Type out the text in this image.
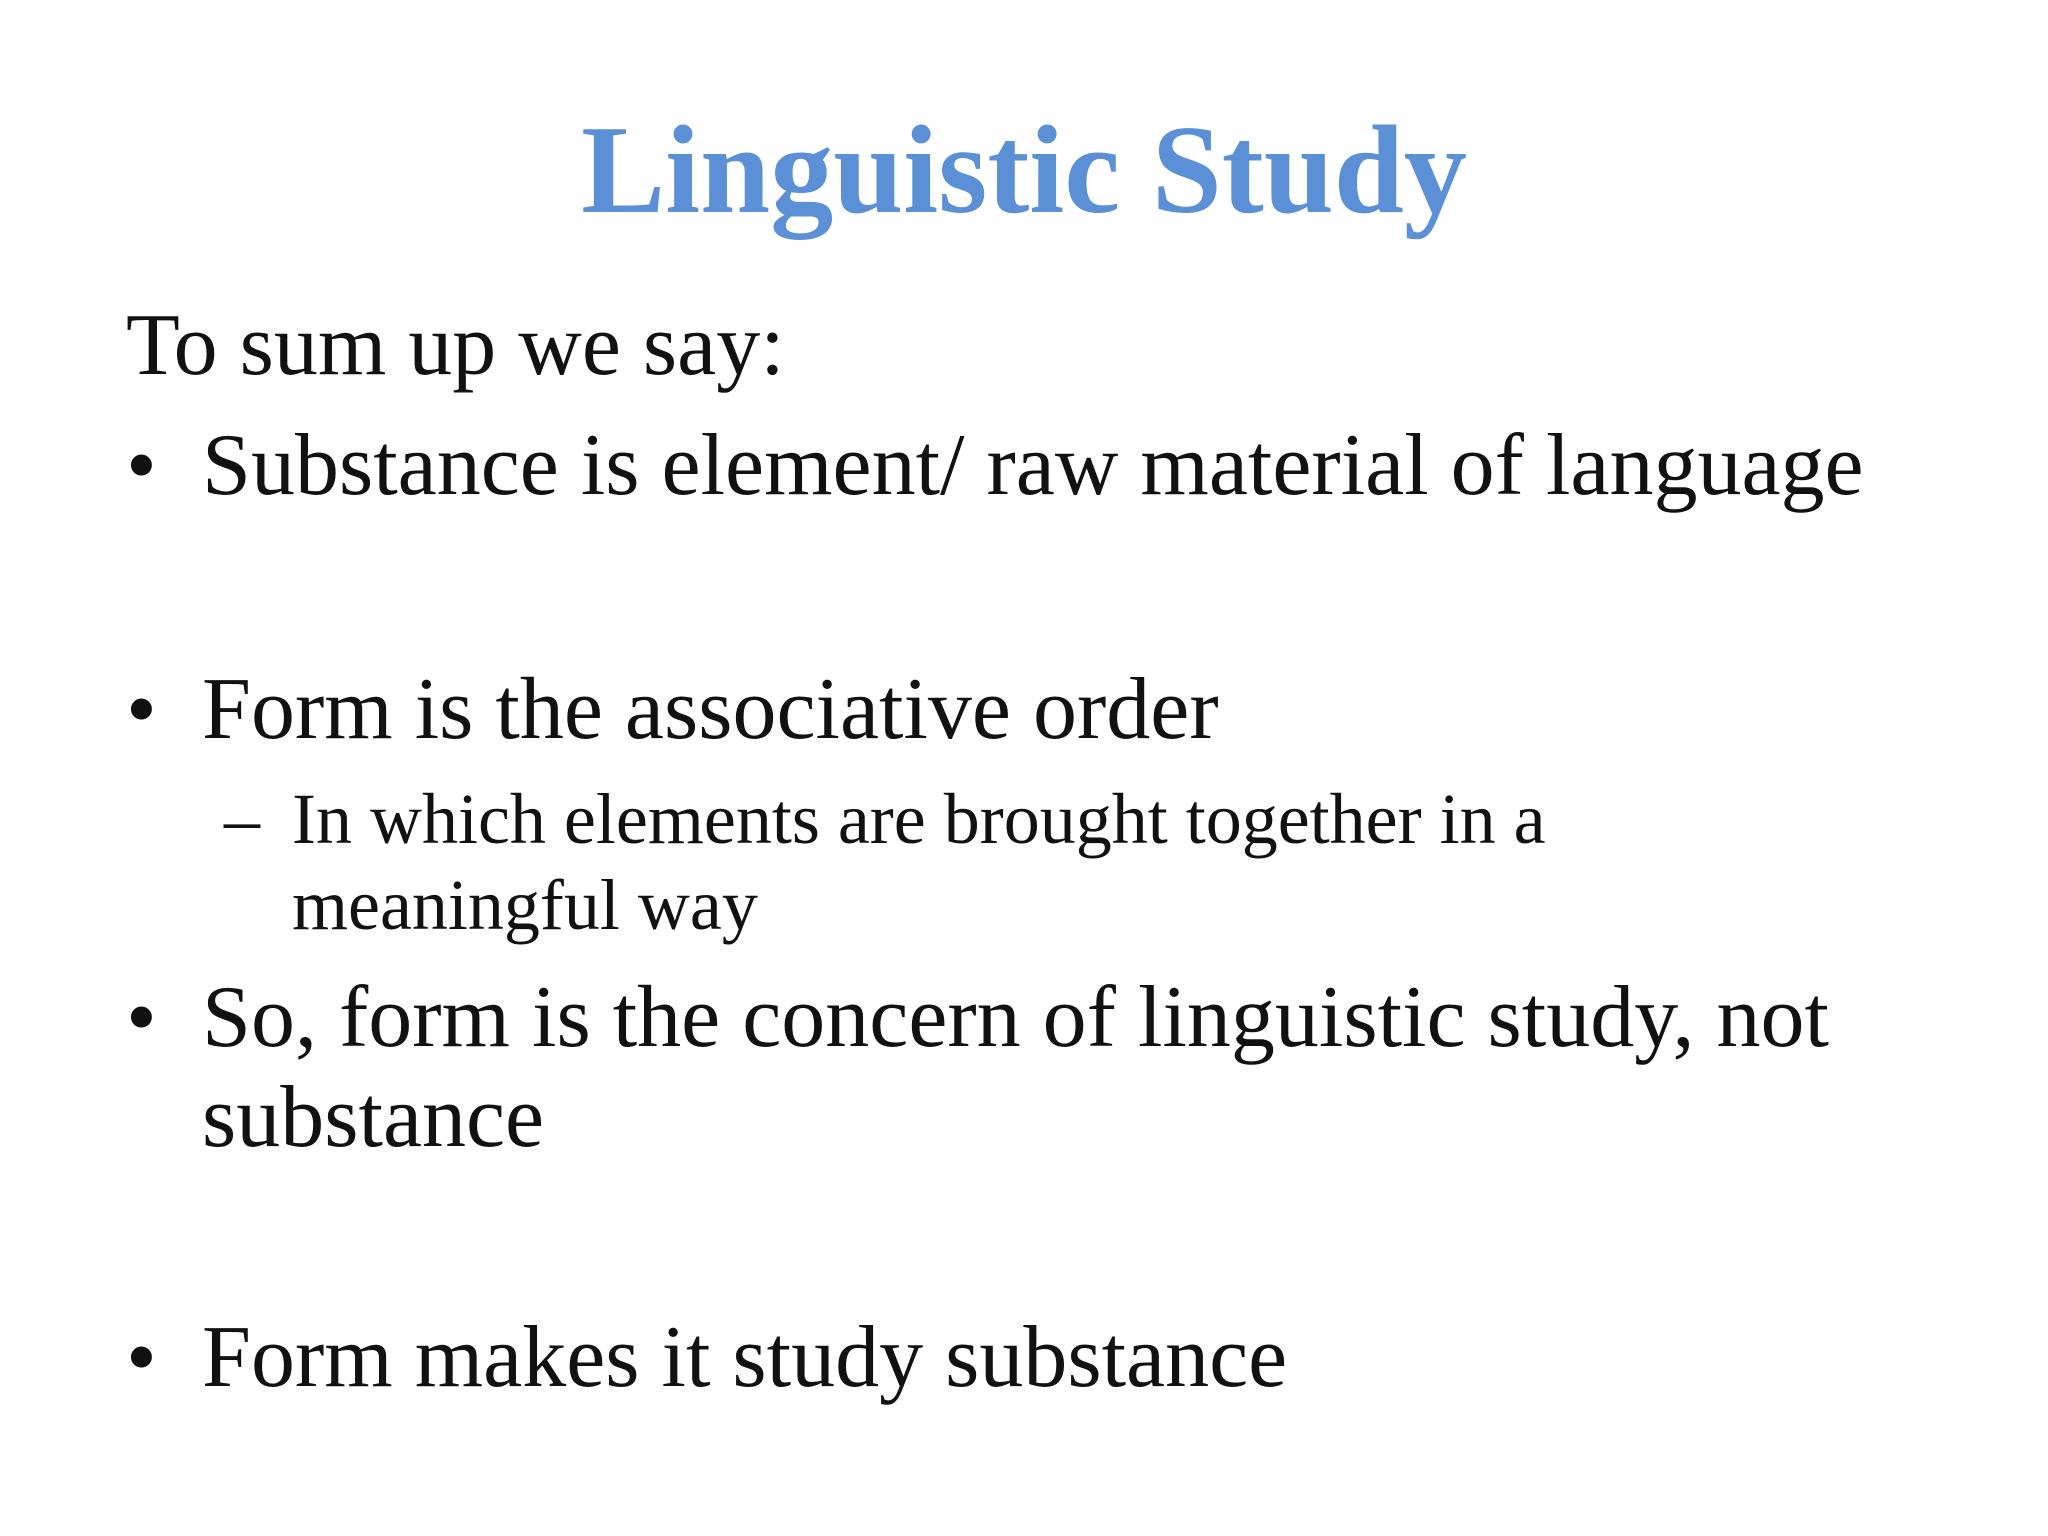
Linguistic Study
To sum up we say:
• Substance is element/ raw material of language
• Form is the associative order
– In which elements are brought together in a meaningful way
• So, form is the concern of linguistic study, not substance
• Form makes it study substance
